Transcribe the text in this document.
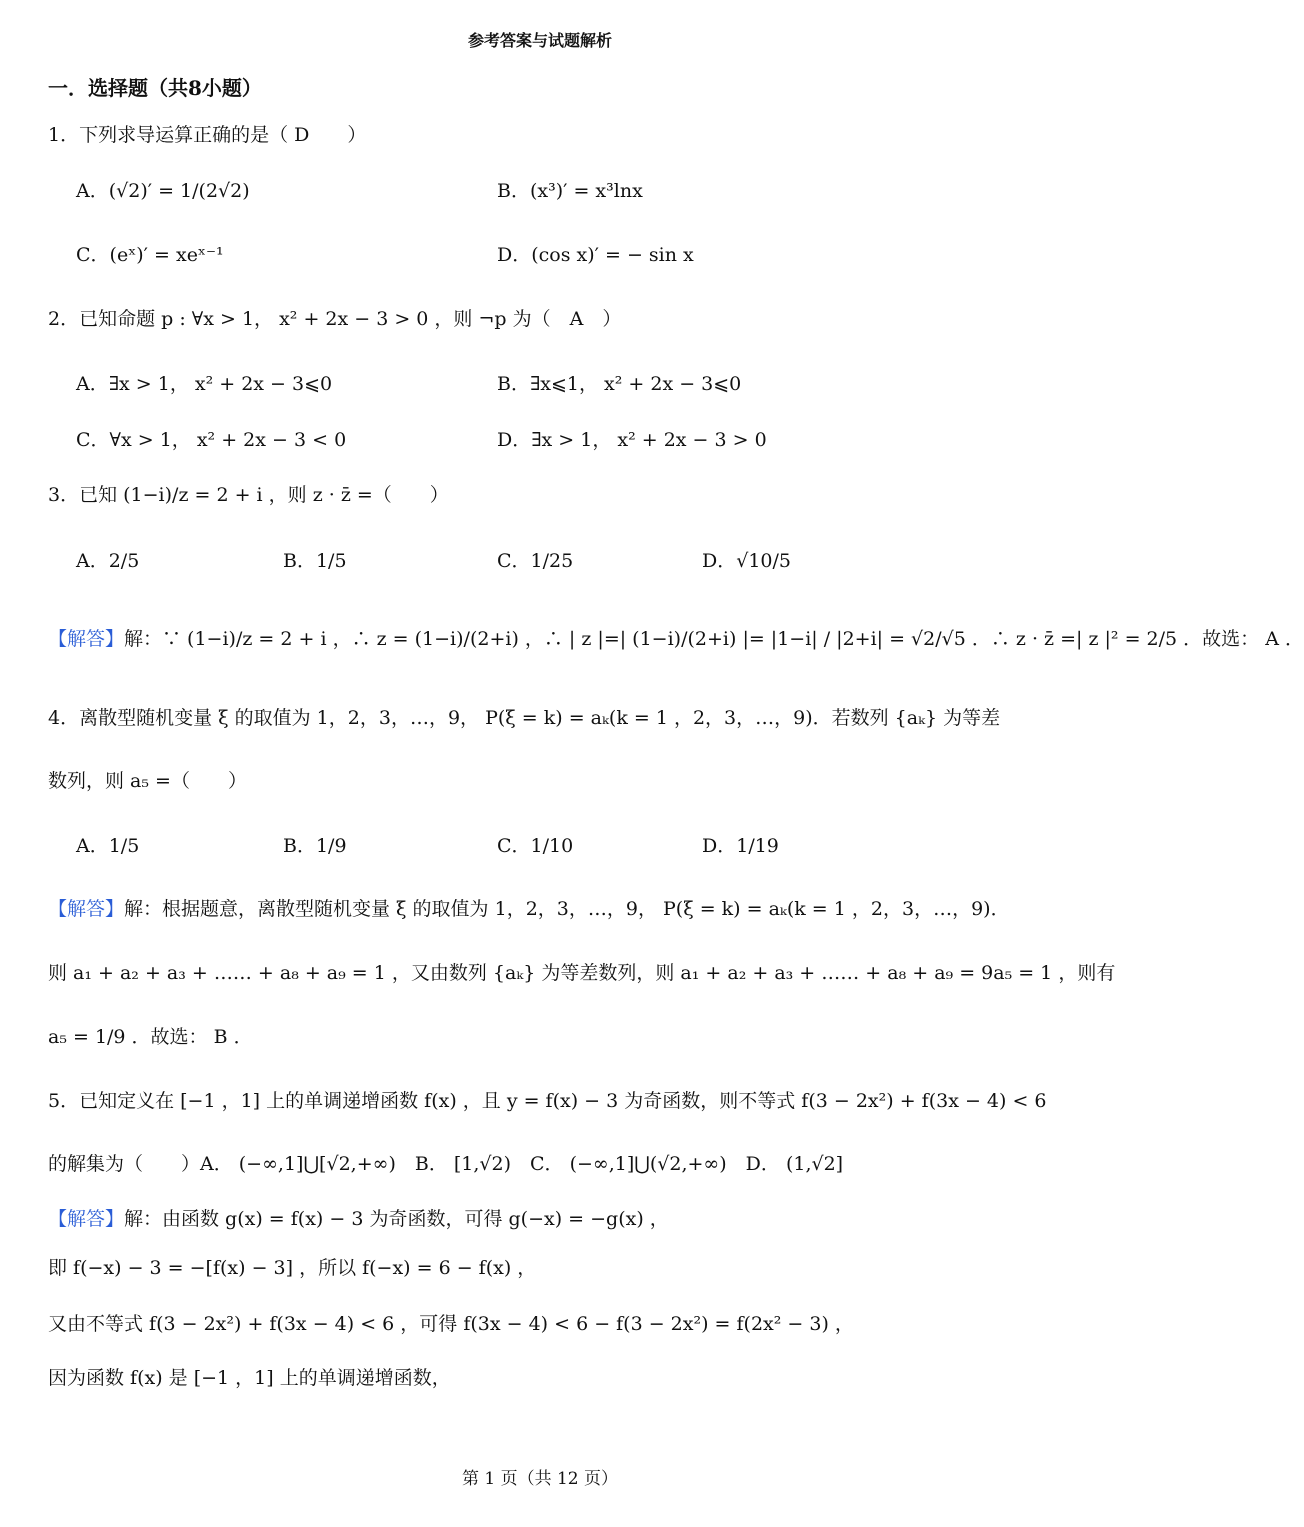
参考答案与试题解析
一．选择题（共8小题）
1．下列求导运算正确的是（ D　　）
A．(√2)′ = 1/(2√2)	B．(x³)′ = x³lnx
C．(eˣ)′ = xeˣ⁻¹	D．(cos x)′ = − sin x
2．已知命题 p : ∀x > 1， x² + 2x − 3 > 0 ，则 ¬p 为（　A　）
A．∃x > 1， x² + 2x − 3⩽0	B．∃x⩽1， x² + 2x − 3⩽0
C．∀x > 1， x² + 2x − 3 < 0	D．∃x > 1， x² + 2x − 3 > 0
3．已知 (1−i)/z = 2 + i ，则 z · z̄ =（　　）
A．2/5	B．1/5	C．1/25	D．√10/5
【解答】解：∵ (1−i)/z = 2 + i ，∴ z = (1−i)/(2+i) ，∴ | z |=| (1−i)/(2+i) |= |1−i| / |2+i| = √2/√5 ．∴ z · z̄ =| z |² = 2/5 ．故选： A ．
4．离散型随机变量 ξ 的取值为 1，2，3，…，9， P(ξ = k) = aₖ(k = 1 ，2，3，…，9)．若数列 {aₖ} 为等差
数列，则 a₅ =（　　）
A．1/5	B．1/9	C．1/10	D．1/19
【解答】解：根据题意，离散型随机变量 ξ 的取值为 1，2，3，…，9， P(ξ = k) = aₖ(k = 1 ，2，3，…，9)．
则 a₁ + a₂ + a₃ + …… + a₈ + a₉ = 1 ，又由数列 {aₖ} 为等差数列，则 a₁ + a₂ + a₃ + …… + a₈ + a₉ = 9a₅ = 1 ，则有
a₅ = 1/9 ．故选： B ．
5．已知定义在 [−1 ，1] 上的单调递增函数 f(x) ，且 y = f(x) − 3 为奇函数，则不等式 f(3 − 2x²) + f(3x − 4) < 6
的解集为（　　）A． (−∞,1]⋃[√2,+∞)　B． [1,√2)　C． (−∞,1]⋃(√2,+∞)　D． (1,√2]
【解答】解：由函数 g(x) = f(x) − 3 为奇函数，可得 g(−x) = −g(x) ，
即 f(−x) − 3 = −[f(x) − 3] ，所以 f(−x) = 6 − f(x) ，
又由不等式 f(3 − 2x²) + f(3x − 4) < 6 ，可得 f(3x − 4) < 6 − f(3 − 2x²) = f(2x² − 3) ，
因为函数 f(x) 是 [−1 ，1] 上的单调递增函数，
第 1 页（共 12 页）
